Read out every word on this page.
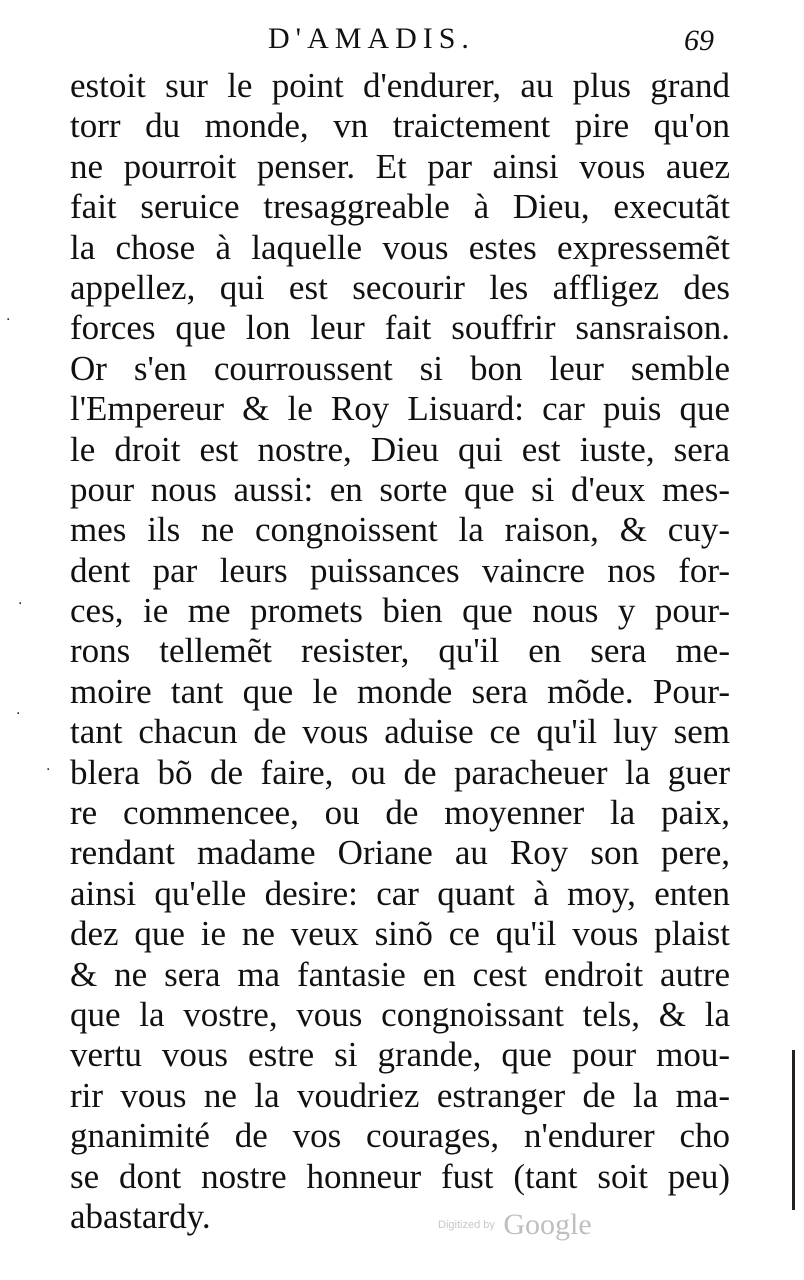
D'AMADIS.	69
estoit sur le point d'endurer, au plus grand
torr du monde, vn traictement pire qu'on
ne pourroit penser. Et par ainsi vous auez
fait seruice tresaggreable à Dieu, executãt
la chose à laquelle vous estes expressemẽt
appellez, qui est secourir les affligez des
forces que lon leur fait souffrir sansraison.
Or s'en courroussent si bon leur semble
l'Empereur & le Roy Lisuard: car puis que
le droit est nostre, Dieu qui est iuste, sera
pour nous aussi: en sorte que si d'eux mes-
mes ils ne congnoissent la raison, & cuy-
dent par leurs puissances vaincre nos for-
ces, ie me promets bien que nous y pour-
rons tellemẽt resister, qu'il en sera me-
moire tant que le monde sera mõde. Pour-
tant chacun de vous aduise ce qu'il luy sem
blera bõ de faire, ou de paracheuer la guer
re commencee, ou de moyenner la paix,
rendant madame Oriane au Roy son pere,
ainsi qu'elle desire: car quant à moy, enten
dez que ie ne veux sinõ ce qu'il vous plaist
& ne sera ma fantasie en cest endroit autre
que la vostre, vous congnoissant tels, & la
vertu vous estre si grande, que pour mou-
rir vous ne la voudriez estranger de la ma-
gnanimité de vos courages, n'endurer cho
se dont nostre honneur fust (tant soit peu)
abastardy.
·
·
·
·
Digitized by Google
